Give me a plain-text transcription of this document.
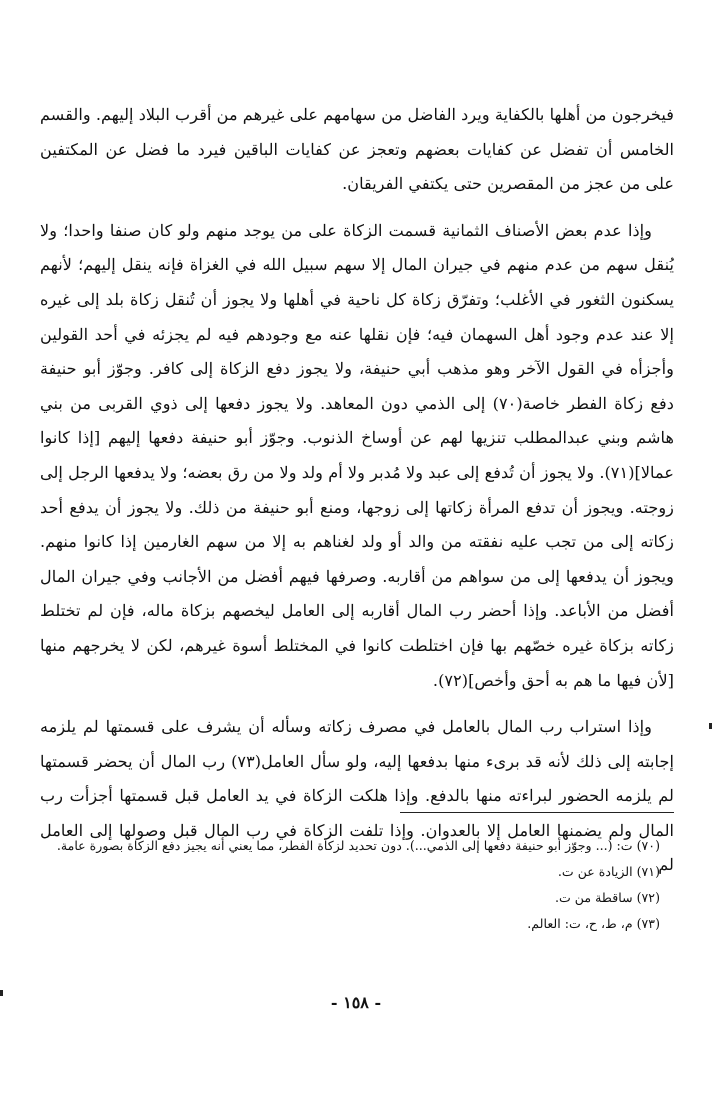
فيخرجون من أهلها بالكفاية ويرد الفاضل من سهامهم على غيرهم من أقرب البلاد إليهم. والقسم الخامس أن تفضل عن كفايات بعضهم وتعجز عن كفايات الباقين فيرد ما فضل عن المكتفين على من عجز من المقصرين حتى يكتفي الفريقان.

وإذا عدم بعض الأصناف الثمانية قسمت الزكاة على من يوجد منهم ولو كان صنفا واحدا؛ ولا يُنقل سهم من عدم منهم في جيران المال إلا سهم سبيل الله في الغزاة فإنه ينقل إليهم؛ لأنهم يسكنون الثغور في الأغلب؛ وتفرّق زكاة كل ناحية في أهلها ولا يجوز أن تُنقل زكاة بلد إلى غيره إلا عند عدم وجود أهل السهمان فيه؛ فإن نقلها عنه مع وجودهم فيه لم يجزئه في أحد القولين وأجزأه في القول الآخر وهو مذهب أبي حنيفة، ولا يجوز دفع الزكاة إلى كافر. وجوّز أبو حنيفة دفع زكاة الفطر خاصة(٧٠) إلى الذمي دون المعاهد. ولا يجوز دفعها إلى ذوي القربى من بني هاشم وبني عبدالمطلب تنزيها لهم عن أوساخ الذنوب. وجوّز أبو حنيفة دفعها إليهم [إذا كانوا عمالا](٧١). ولا يجوز أن تُدفع إلى عبد ولا مُدبر ولا أم ولد ولا من رق بعضه؛ ولا يدفعها الرجل إلى زوجته. ويجوز أن تدفع المرأة زكاتها إلى زوجها، ومنع أبو حنيفة من ذلك. ولا يجوز أن يدفع أحد زكاته إلى من تجب عليه نفقته من والد أو ولد لغناهم به إلا من سهم الغارمين إذا كانوا منهم. ويجوز أن يدفعها إلى من سواهم من أقاربه. وصرفها فيهم أفضل من الأجانب وفي جيران المال أفضل من الأباعد. وإذا أحضر رب المال أقاربه إلى العامل ليخصهم بزكاة ماله، فإن لم تختلط زكاته بزكاة غيره خصّهم بها فإن اختلطت كانوا في المختلط أسوة غيرهم، لكن لا يخرجهم منها [لأن فيها ما هم به أحق وأخص](٧٢).

وإذا استراب رب المال بالعامل في مصرف زكاته وسأله أن يشرف على قسمتها لم يلزمه إجابته إلى ذلك لأنه قد برىء منها بدفعها إليه، ولو سأل العامل(٧٣) رب المال أن يحضر قسمتها لم يلزمه الحضور لبراءته منها بالدفع. وإذا هلكت الزكاة في يد العامل قبل قسمتها أجزأت رب المال ولم يضمنها العامل إلا بالعدوان. وإذا تلفت الزكاة في رب المال قبل وصولها إلى العامل لم

(٧٠) ت: (... وجوّز أبو حنيفة دفعها إلى الذمي...). دون تحديد لزكاة الفطر، مما يعني أنه يجيز دفع الزكاة بصورة عامة.

(٧١) الزيادة عن ت.

(٧٢) ساقطة من ت.

(٧٣) م، ط، ح، ت: العالم.

- ١٥٨ -
